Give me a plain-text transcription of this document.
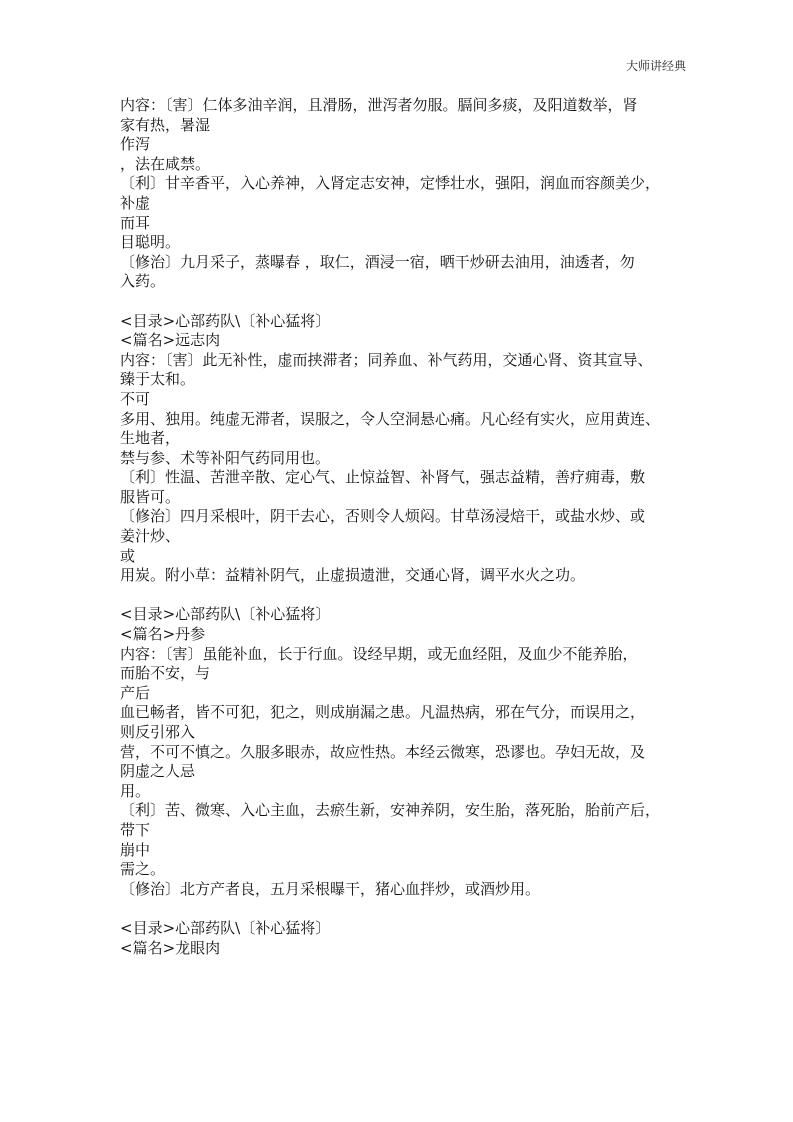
大师讲经典
内容：〔害〕仁体多油辛润，且滑肠，泄泻者勿服。膈间多痰，及阳道数举，肾
家有热，暑湿
作泻
，法在咸禁。
〔利〕甘辛香平，入心养神，入肾定志安神，定悸壮水，强阳，润血而容颜美少，
补虚
而耳
目聪明。
〔修治〕九月采子，蒸曝春 ，取仁，酒浸一宿，晒干炒研去油用，油透者，勿
入药。
<目录>心部药队\〔补心猛将〕
<篇名>远志肉
内容：〔害〕此无补性，虚而挟滞者；同养血、补气药用，交通心肾、资其宣导、
臻于太和。
不可
多用、独用。纯虚无滞者，误服之，令人空洞悬心痛。凡心经有实火，应用黄连、
生地者，
禁与参、术等补阳气药同用也。
〔利〕性温、苦泄辛散、定心气、止惊益智、补肾气，强志益精，善疗痈毒，敷
服皆可。
〔修治〕四月采根叶，阴干去心，否则令人烦闷。甘草汤浸焙干，或盐水炒、或
姜汁炒、
或
用炭。附小草：益精补阴气，止虚损遗泄，交通心肾，调平水火之功。
<目录>心部药队\〔补心猛将〕
<篇名>丹参
内容：〔害〕虽能补血，长于行血。设经早期，或无血经阻，及血少不能养胎，
而胎不安，与
产后
血已畅者，皆不可犯，犯之，则成崩漏之患。凡温热病，邪在气分，而误用之，
则反引邪入
营，不可不慎之。久服多眼赤，故应性热。本经云微寒，恐谬也。孕妇无故，及
阴虚之人忌
用。
〔利〕苦、微寒、入心主血，去瘀生新，安神养阴，安生胎，落死胎，胎前产后，
带下
崩中
需之。
〔修治〕北方产者良，五月采根曝干，猪心血拌炒，或酒炒用。
<目录>心部药队\〔补心猛将〕
<篇名>龙眼肉
